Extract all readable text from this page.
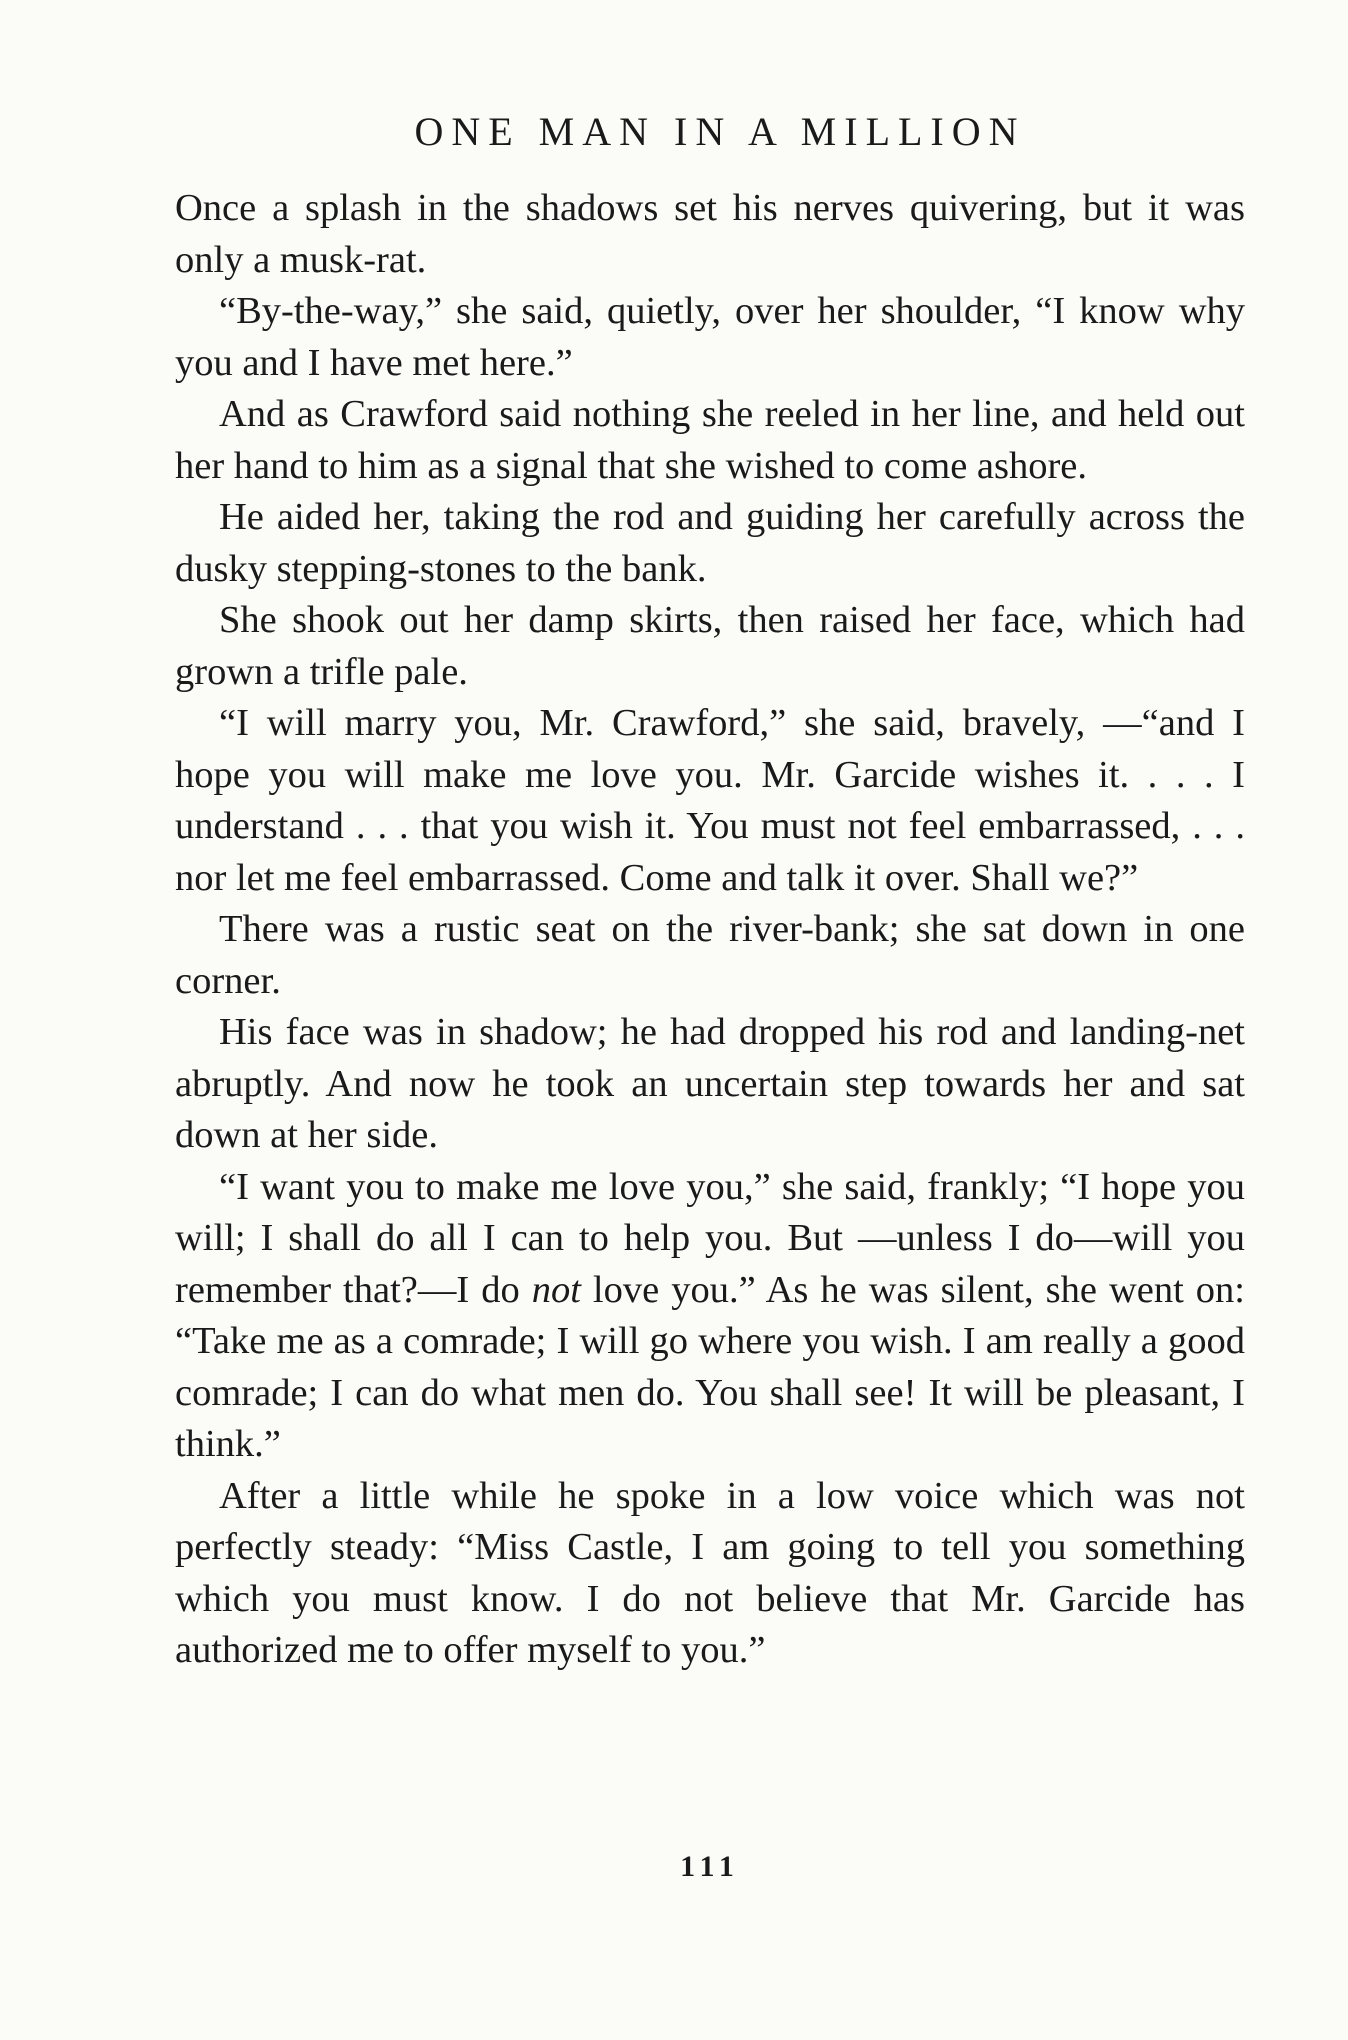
ONE MAN IN A MILLION

Once a splash in the shadows set his nerves quivering, but it was only a musk-rat.

“By-the-way,” she said, quietly, over her shoulder, “I know why you and I have met here.”

And as Crawford said nothing she reeled in her line, and held out her hand to him as a signal that she wished to come ashore.

He aided her, taking the rod and guiding her carefully across the dusky stepping-stones to the bank.

She shook out her damp skirts, then raised her face, which had grown a trifle pale.

“I will marry you, Mr. Crawford,” she said, bravely, —“and I hope you will make me love you. Mr. Garcide wishes it. . . . I understand . . . that you wish it. You must not feel embarrassed, . . . nor let me feel embarrassed. Come and talk it over. Shall we?”

There was a rustic seat on the river-bank; she sat down in one corner.

His face was in shadow; he had dropped his rod and landing-net abruptly. And now he took an uncertain step towards her and sat down at her side.

“I want you to make me love you,” she said, frankly; “I hope you will; I shall do all I can to help you. But —unless I do—will you remember that?—I do not love you.” As he was silent, she went on: “Take me as a comrade; I will go where you wish. I am really a good comrade; I can do what men do. You shall see! It will be pleasant, I think.”

After a little while he spoke in a low voice which was not perfectly steady: “Miss Castle, I am going to tell you something which you must know. I do not believe that Mr. Garcide has authorized me to offer myself to you.”

111
